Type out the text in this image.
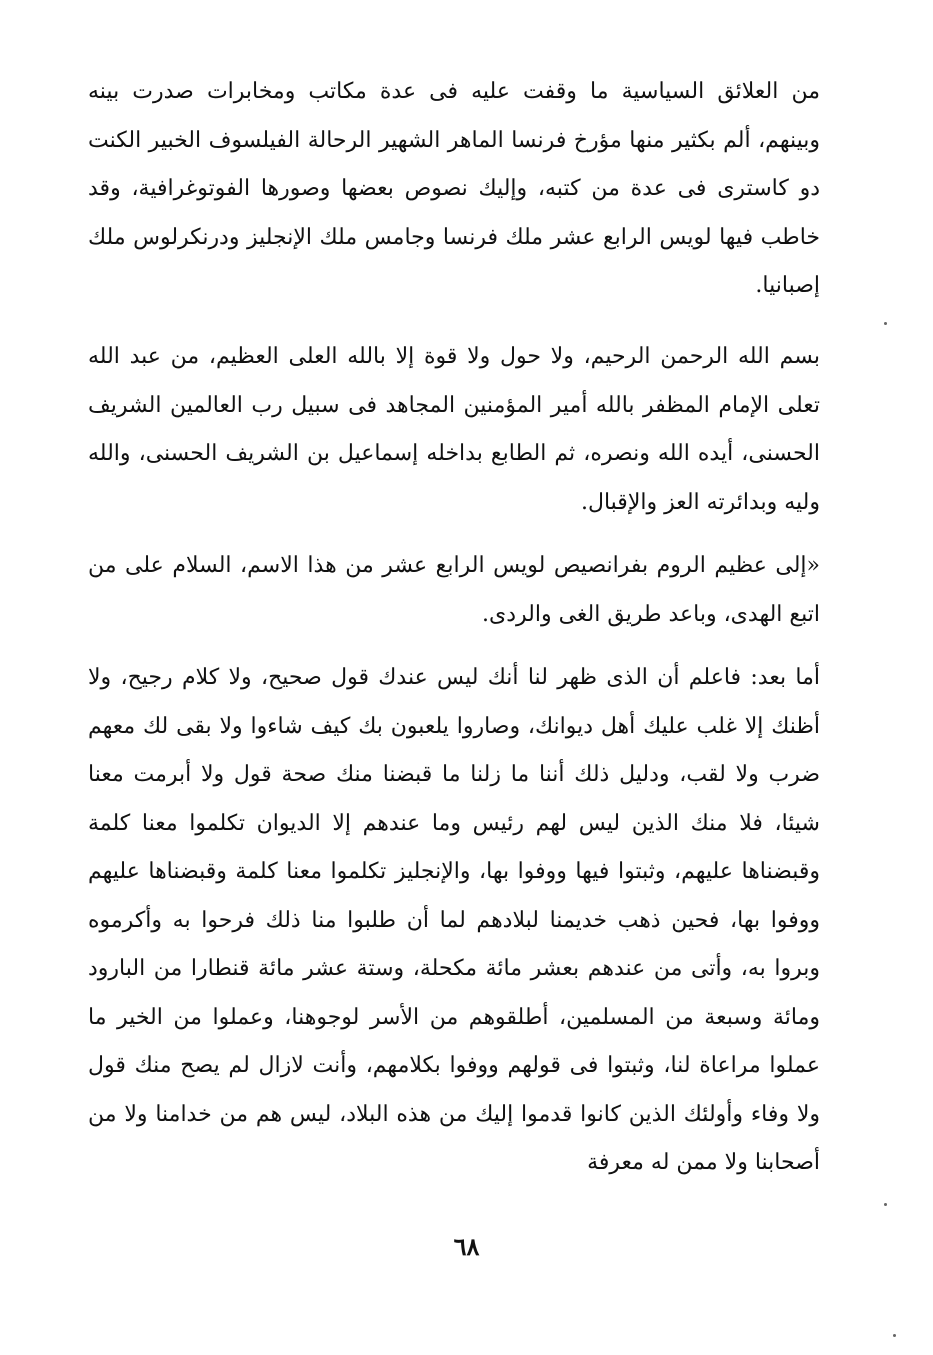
من العلائق السياسية ما وقفت عليه فى عدة مكاتب ومخابرات صدرت بينه وبينهم، ألم بكثير منها مؤرخ فرنسا الماهر الشهير الرحالة الفيلسوف الخبير الكنت دو كاسترى فى عدة من كتبه، وإليك نصوص بعضها وصورها الفوتوغرافية، وقد خاطب فيها لويس الرابع عشر ملك فرنسا وجامس ملك الإنجليز ودرنكرلوس ملك إصبانيا.

بسم الله الرحمن الرحيم، ولا حول ولا قوة إلا بالله العلى العظيم، من عبد الله تعلى الإمام المظفر بالله أمير المؤمنين المجاهد فى سبيل رب العالمين الشريف الحسنى، أيده الله ونصره، ثم الطابع بداخله إسماعيل بن الشريف الحسنى، والله وليه وبدائرته العز والإقبال.

«إلى عظيم الروم بفرانصيص لويس الرابع عشر من هذا الاسم، السلام على من اتبع الهدى، وباعد طريق الغى والردى.

أما بعد: فاعلم أن الذى ظهر لنا أنك ليس عندك قول صحيح، ولا كلام رجيح، ولا أظنك إلا غلب عليك أهل ديوانك، وصاروا يلعبون بك كيف شاءوا ولا بقى لك معهم ضرب ولا لقب، ودليل ذلك أننا ما زلنا ما قبضنا منك صحة قول ولا أبرمت معنا شيئا، فلا منك الذين ليس لهم رئيس وما عندهم إلا الديوان تكلموا معنا كلمة وقبضناها عليهم، وثبتوا فيها ووفوا بها، والإنجليز تكلموا معنا كلمة وقبضناها عليهم ووفوا بها، فحين ذهب خديمنا لبلادهم لما أن طلبوا منا ذلك فرحوا به وأكرموه وبروا به، وأتى من عندهم بعشر مائة مكحلة، وستة عشر مائة قنطارا من البارود ومائة وسبعة من المسلمين، أطلقوهم من الأسر لوجوهنا، وعملوا من الخير ما عملوا مراعاة لنا، وثبتوا فى قولهم ووفوا بكلامهم، وأنت لازال لم يصح منك قول ولا وفاء وأولئك الذين كانوا قدموا إليك من هذه البلاد، ليس هم من خدامنا ولا من أصحابنا ولا ممن له معرفة

٦٨
